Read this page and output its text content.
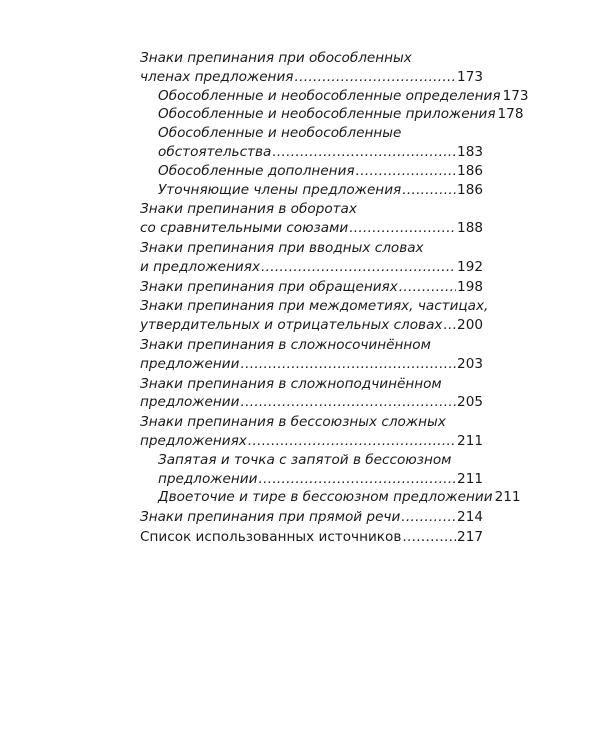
Знаки препинания при обособленных
членах предложения .....	173
Обособленные и необособленные определения 173
Обособленные и необособленные приложения 178
Обособленные и необособленные
обстоятельства .....	183
Обособленные дополнения .....	186
Уточняющие члены предложения .....	186
Знаки препинания в оборотах
со сравнительными союзами .....	188
Знаки препинания при вводных словах
и предложениях .....	192
Знаки препинания при обращениях .....	198
Знаки препинания при междометиях, частицах,
утвердительных и отрицательных словах ..... 200
Знаки препинания в сложносочинённом
предложении .....	203
Знаки препинания в сложноподчинённом
предложении .....	205
Знаки препинания в бессоюзных сложных
предложениях .....	211
Запятая и точка с запятой в бессоюзном
предложении .....	211
Двоеточие и тире в бессоюзном предложении 211
Знаки препинания при прямой речи .....	214
Список использованных источников .....	217
